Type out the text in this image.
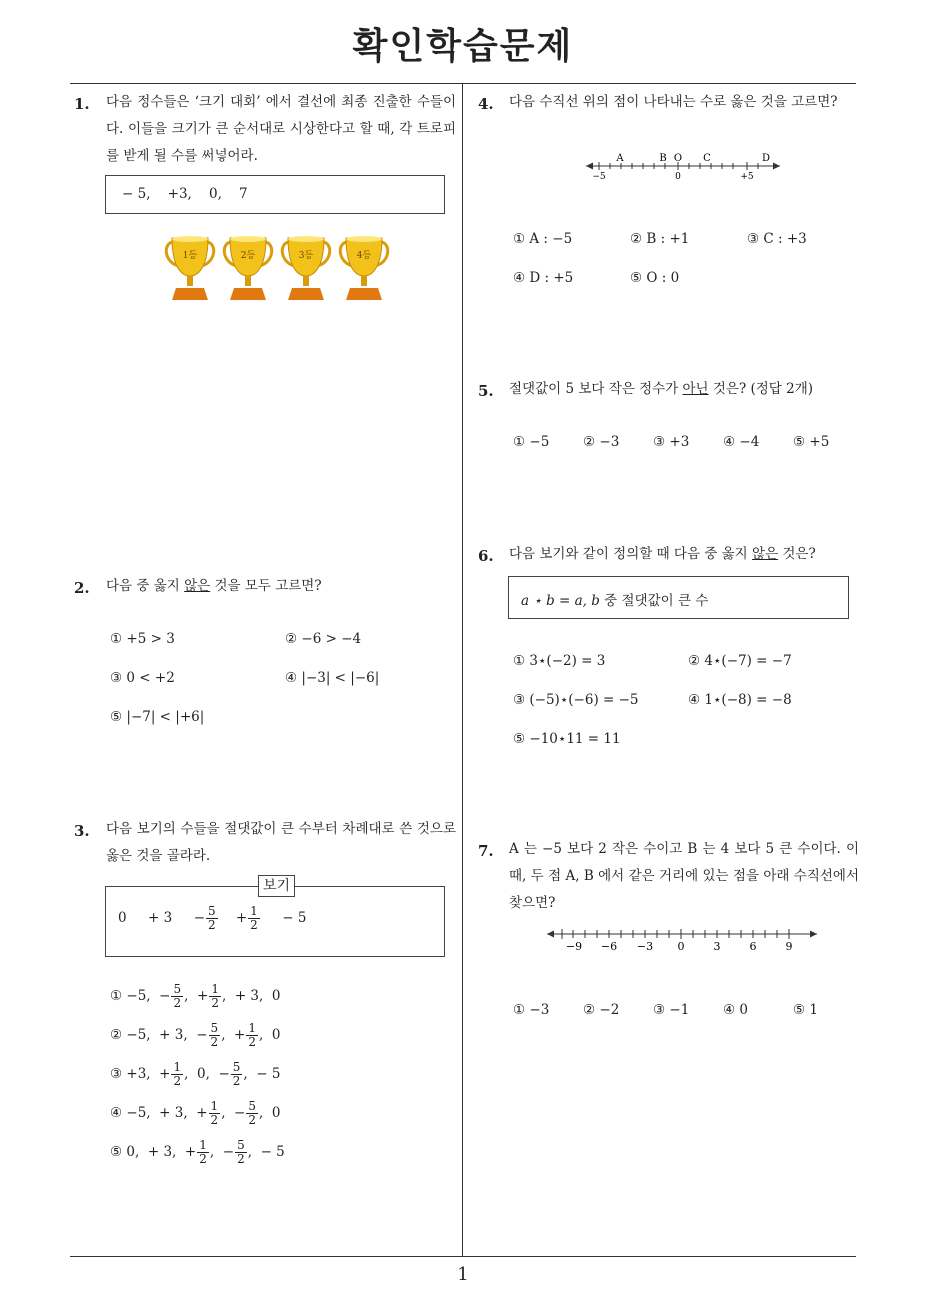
확인학습문제
1
1. 다음 정수들은 ‘크기 대회’ 에서 결선에 최종 진출한 수들이다. 이들을 크기가 큰 순서대로 시상한다고 할 때, 각 트로피를 받게 될 수를 써넣어라.
− 5,    +3,    0,    7
1등	2등	3등	4등
2. 다음 중 옳지 않은 것을 모두 고르면?
① +5 > 3	② −6 > −4
③ 0 < +2	④ |−3| < |−6|
⑤ |−7| < |+6|
3. 다음 보기의 수들을 절댓값이 큰 수부터 차례대로 쓴 것으로 옳은 것을 골라라.
보기
0     + 3     − $\frac{5}{2} + \frac{1}{2} - 5$
① −5,  − $\frac{5}{2}$ ,  + $\frac{1}{2}$ ,  + 3,  0
② −5,  + 3,  − $\frac{5}{2}$ ,  + $\frac{1}{2}$ ,  0
③ +3,  + $\frac{1}{2}$ ,  0,  − $\frac{5}{2}$ ,  − 5
④ −5,  + 3,  + $\frac{1}{2}$ ,  − $\frac{5}{2}$ ,  0
⑤ 0,  + 3,  + $\frac{1}{2}$ ,  − $\frac{5}{2}$ ,  − 5
4. 다음 수직선 위의 점이 나타내는 수로 옳은 것을 고르면?
A	B O C	D
−5	0	+5
① A : −5	② B : +1	③ C : +3
④ D : +5	⑤ O : 0
5. 절댓값이 5 보다 작은 정수가 아닌 것은? (정답 2개)
① −5 ② −3 ③ +3 ④ −4 ⑤ +5
6. 다음 보기와 같이 정의할 때 다음 중 옳지 않은 것은?
a ⋆ b = a, b 중 절댓값이 큰 수
① 3⋆(−2) = 3	② 4⋆(−7) = −7
③ (−5)⋆(−6) = −5	④ 1⋆(−8) = −8
⑤ −10⋆11 = 11
7. A 는 −5 보다 2 작은 수이고 B 는 4 보다 5 큰 수이다. 이때, 두 점 A, B 에서 같은 거리에 있는 점을 아래 수직선에서 찾으면?
−9 −6 −3 0	3	6	9
① −3 ② −2 ③ −1 ④ 0	⑤ 1
